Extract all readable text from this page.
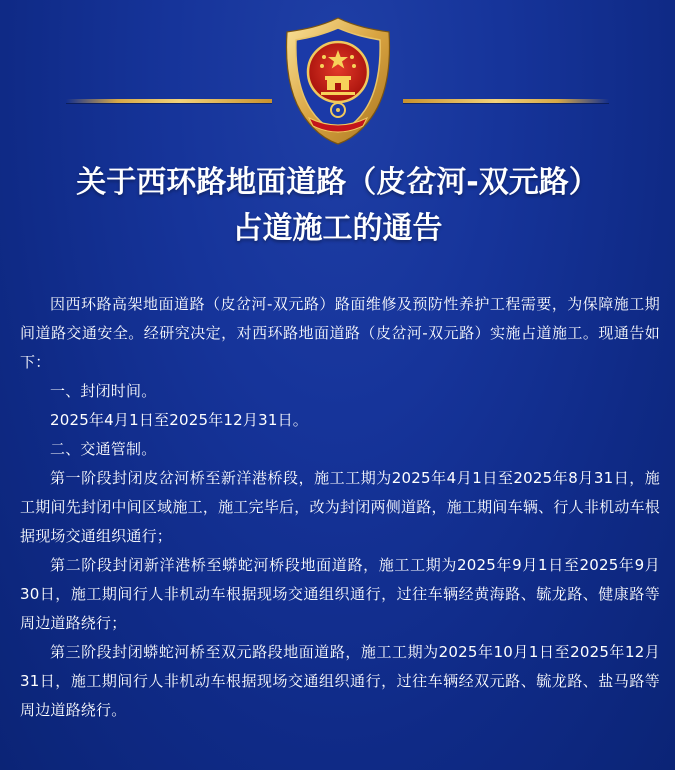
关于西环路地面道路（皮岔河-双元路）
占道施工的通告

因西环路高架地面道路（皮岔河-双元路）路面维修及预防性养护工程需要，为保障施工期间道路交通安全。经研究决定，对西环路地面道路（皮岔河-双元路）实施占道施工。现通告如下：

一、封闭时间。

2025年4月1日至2025年12月31日。

二、交通管制。

第一阶段封闭皮岔河桥至新洋港桥段，施工工期为2025年4月1日至2025年8月31日，施工期间先封闭中间区域施工，施工完毕后，改为封闭两侧道路，施工期间车辆、行人非机动车根据现场交通组织通行；

第二阶段封闭新洋港桥至蟒蛇河桥段地面道路，施工工期为2025年9月1日至2025年9月30日，施工期间行人非机动车根据现场交通组织通行，过往车辆经黄海路、毓龙路、健康路等周边道路绕行；

第三阶段封闭蟒蛇河桥至双元路段地面道路，施工工期为2025年10月1日至2025年12月31日，施工期间行人非机动车根据现场交通组织通行，过往车辆经双元路、毓龙路、盐马路等周边道路绕行。
